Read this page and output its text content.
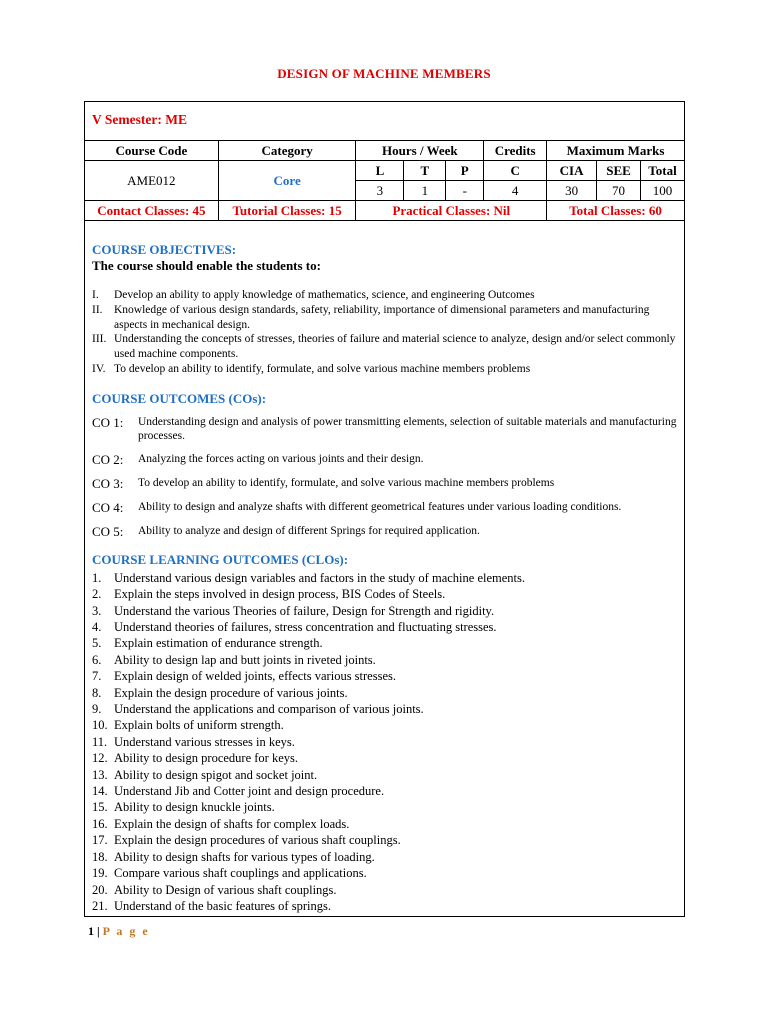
DESIGN OF MACHINE MEMBERS
V Semester: ME
Course Code	Category	Hours / Week			Credits	Maximum Marks		
AME012	Core	L	T	P	C	CIA	SEE	Total
		3	1	-	4	30	70	100
Contact Classes: 45	Tutorial Classes: 15	Practical Classes: Nil				Total Classes: 60		
COURSE OBJECTIVES:
The course should enable the students to:
I.	Develop an ability to apply knowledge of mathematics, science, and engineering Outcomes
II. Knowledge of various design standards, safety, reliability, importance of dimensional parameters and manufacturing aspects in mechanical design.
III. Understanding the concepts of stresses, theories of failure and material science to analyze, design and/or select commonly used machine components.
IV. To develop an ability to identify, formulate, and solve various machine members problems
COURSE OUTCOMES (COs):
CO 1:	Understanding design and analysis of power transmitting elements, selection of suitable materials and manufacturing processes.
CO 2:	Analyzing the forces acting on various joints and their design.
CO 3:	To develop an ability to identify, formulate, and solve various machine members problems
CO 4:	Ability to design and analyze shafts with different geometrical features under various loading conditions.
CO 5:	Ability to analyze and design of different Springs for required application.
COURSE LEARNING OUTCOMES (CLOs):
1.	Understand various design variables and factors in the study of machine elements.
2.	Explain the steps involved in design process, BIS Codes of Steels.
3.	Understand the various Theories of failure, Design for Strength and rigidity.
4.	Understand theories of failures, stress concentration and fluctuating stresses.
5.	Explain estimation of endurance strength.
6.	Ability to design lap and butt joints in riveted joints.
7.	Explain design of welded joints, effects various stresses.
8.	Explain the design procedure of various joints.
9.	Understand the applications and comparison of various joints.
10. Explain bolts of uniform strength.
11. Understand various stresses in keys.
12. Ability to design procedure for keys.
13. Ability to design spigot and socket joint.
14. Understand Jib and Cotter joint and design procedure.
15. Ability to design knuckle joints.
16. Explain the design of shafts for complex loads.
17. Explain the design procedures of various shaft couplings.
18. Ability to design shafts for various types of loading.
19. Compare various shaft couplings and applications.
20. Ability to Design of various shaft couplings.
21. Understand of the basic features of springs.
1 | P a g e
